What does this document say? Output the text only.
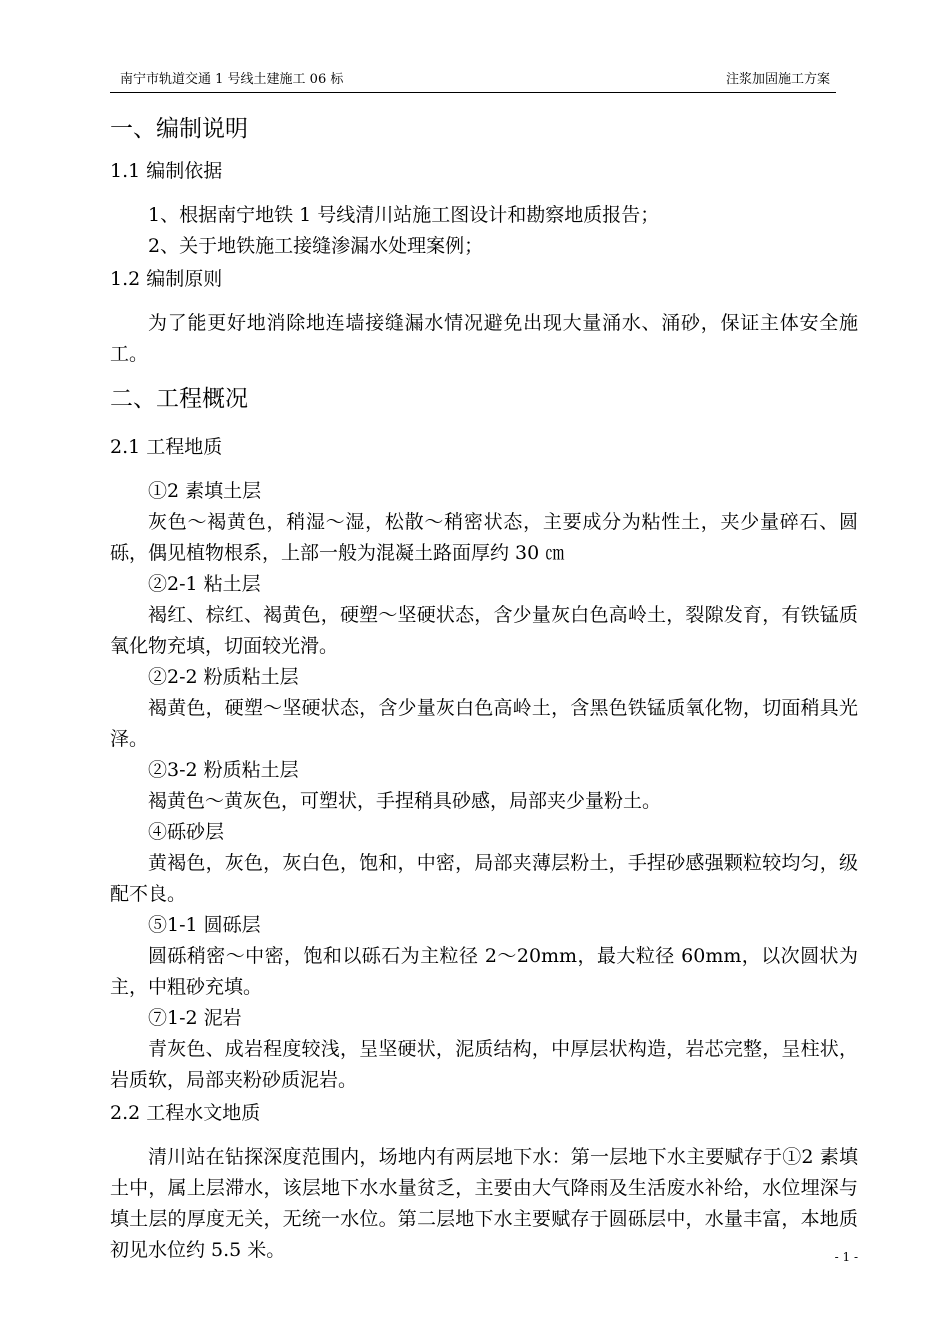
南宁市轨道交通 1 号线土建施工 06 标	注浆加固施工方案
一、编制说明
1.1 编制依据
1、根据南宁地铁 1 号线清川站施工图设计和勘察地质报告；
2、关于地铁施工接缝渗漏水处理案例；
1.2 编制原则

为了能更好地消除地连墙接缝漏水情况避免出现大量涌水、涌砂，保证主体安全施工。

二、工程概况
2.1 工程地质
①2 素填土层

灰色～褐黄色，稍湿～湿，松散～稍密状态，主要成分为粘性土，夹少量碎石、圆砾，偶见植物根系，上部一般为混凝土路面厚约 30 ㎝

②2-1 粘土层

褐红、棕红、褐黄色，硬塑～坚硬状态，含少量灰白色高岭土，裂隙发育，有铁锰质氧化物充填，切面较光滑。

②2-2 粉质粘土层

褐黄色，硬塑～坚硬状态，含少量灰白色高岭土，含黑色铁锰质氧化物，切面稍具光泽。

②3-2 粉质粘土层

褐黄色～黄灰色，可塑状，手捏稍具砂感，局部夹少量粉土。

④砾砂层

黄褐色，灰色，灰白色，饱和，中密，局部夹薄层粉土，手捏砂感强颗粒较均匀，级配不良。

⑤1-1 圆砾层

圆砾稍密～中密，饱和以砾石为主粒径 2～20mm，最大粒径 60mm，以次圆状为主，中粗砂充填。

⑦1-2 泥岩

青灰色、成岩程度较浅，呈坚硬状，泥质结构，中厚层状构造，岩芯完整，呈柱状，岩质软，局部夹粉砂质泥岩。

2.2 工程水文地质

清川站在钻探深度范围内，场地内有两层地下水：第一层地下水主要赋存于①2 素填土中，属上层滞水，该层地下水水量贫乏，主要由大气降雨及生活废水补给，水位埋深与填土层的厚度无关，无统一水位。第二层地下水主要赋存于圆砾层中，水量丰富，本地质初见水位约 5.5 米。	- 1 -
